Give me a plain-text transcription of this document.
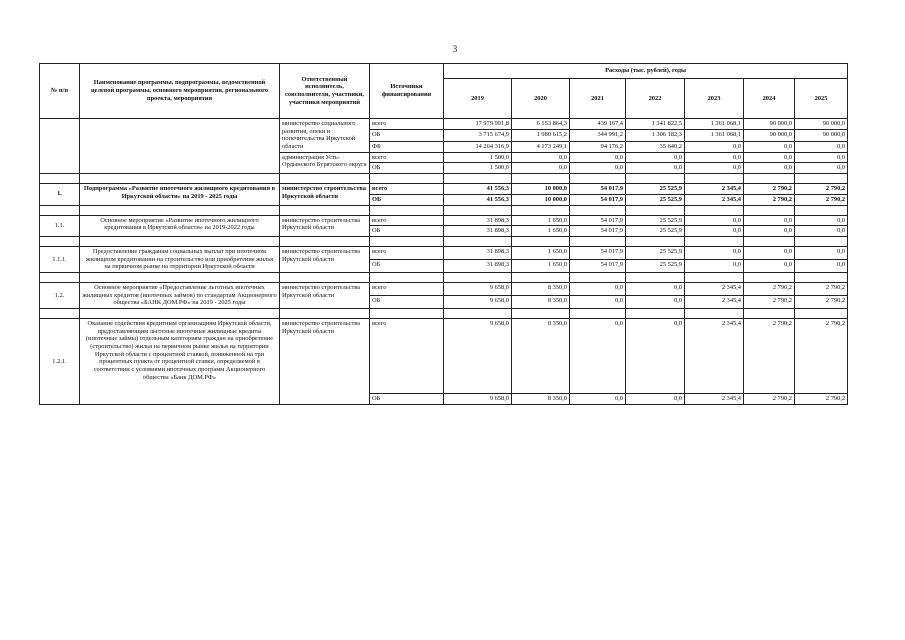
3
№ п/п	Наименование программы, подпрограммы, ведомственной целевой программы, основного мероприятия, регионального проекта, мероприятия	Ответственный исполнитель, соисполнители, участники, участники мероприятий	Источники финансирования	Расходы (тыс. рублей), годы						
				2019	2020	2021	2022	2023	2024	2025
		министерство социального развития, опеки и попечительства Иркутской области	всего	17 979 991,8	6 153 864,3	439 167,4	1 341 822,5	1 361 068,1	90 000,0	90 000,0
			ОБ	3 715 674,9	1 980 615,2	344 991,2	1 306 182,3	1 361 068,1	90 000,0	90 000,0
			ФБ	14 264 316,9	4 173 249,1	94 176,2	35 640,2	0,0	0,0	0,0
		администрация Усть-Ордынского Бурятского округа	всего	1 500,0	0,0	0,0	0,0	0,0	0,0	0,0
			ОБ	1 500,0	0,0	0,0	0,0	0,0	0,0	0,0

1.	Подпрограмма «Развитие ипотечного жилищного кредитования в Иркутской области» на 2019 - 2025 годы	министерство строительства Иркутской области	всего	41 556,3	10 000,0	54 017,9	25 525,9	2 345,4	2 790,2	2 790,2
			ОБ	41 556,3	10 000,0	54 017,9	25 525,9	2 345,4	2 790,2	2 790,2

1.1.	Основное мероприятие «Развитие ипотечного жилищного кредитования в Иркутской области» на 2019-2022 годы	министерство строительства Иркутской области	всего	31 898,3	1 650,0	54 017,9	25 525,9	0,0	0,0	0,0
			ОБ	31 898,3	1 650,0	54 017,9	25 525,9	0,0	0,0	0,0

1.1.1.	Предоставление гражданам социальных выплат при ипотечном жилищном кредитовании на строительство или приобретение жилья на первичном рынке на территории Иркутской области	министерство строительства Иркутской области	всего	31 898,3	1 650,0	54 017,9	25 525,9	0,0	0,0	0,0
			ОБ	31 898,3	1 650,0	54 017,9	25 525,9	0,0	0,0	0,0

1.2.	Основное мероприятие «Предоставление льготных ипотечных жилищных кредитов (ипотечных займов) по стандартам Акционерного общества «БАНК ДОМ.РФ» на 2019 - 2025 годы	министерство строительства Иркутской области	всего	9 658,0	8 350,0	0,0	0,0	2 345,4	2 790,2	2 790,2
			ОБ	9 658,0	8 350,0	0,0	0,0	2 345,4	2 790,2	2 790,2

1.2.1.	Оказание содействия кредитным организациям Иркутской области, предоставляющим льготные ипотечные жилищные кредиты (ипотечные займы) отдельным категориям граждан на приобретение (строительство) жилья на первичном рынке жилья на территории Иркутской области с процентной ставкой, пониженной на три процентных пункта от процентной ставки, определяемой в соответствии с условиями ипотечных программ Акционерного общества «Банк ДОМ.РФ»	министерство строительства Иркутской области	всего	9 658,0	8 350,0	0,0	0,0	2 345,4	2 790,2	2 790,2
			ОБ	9 658,0	8 350,0	0,0	0,0	2 345,4	2 790,2	2 790,2
